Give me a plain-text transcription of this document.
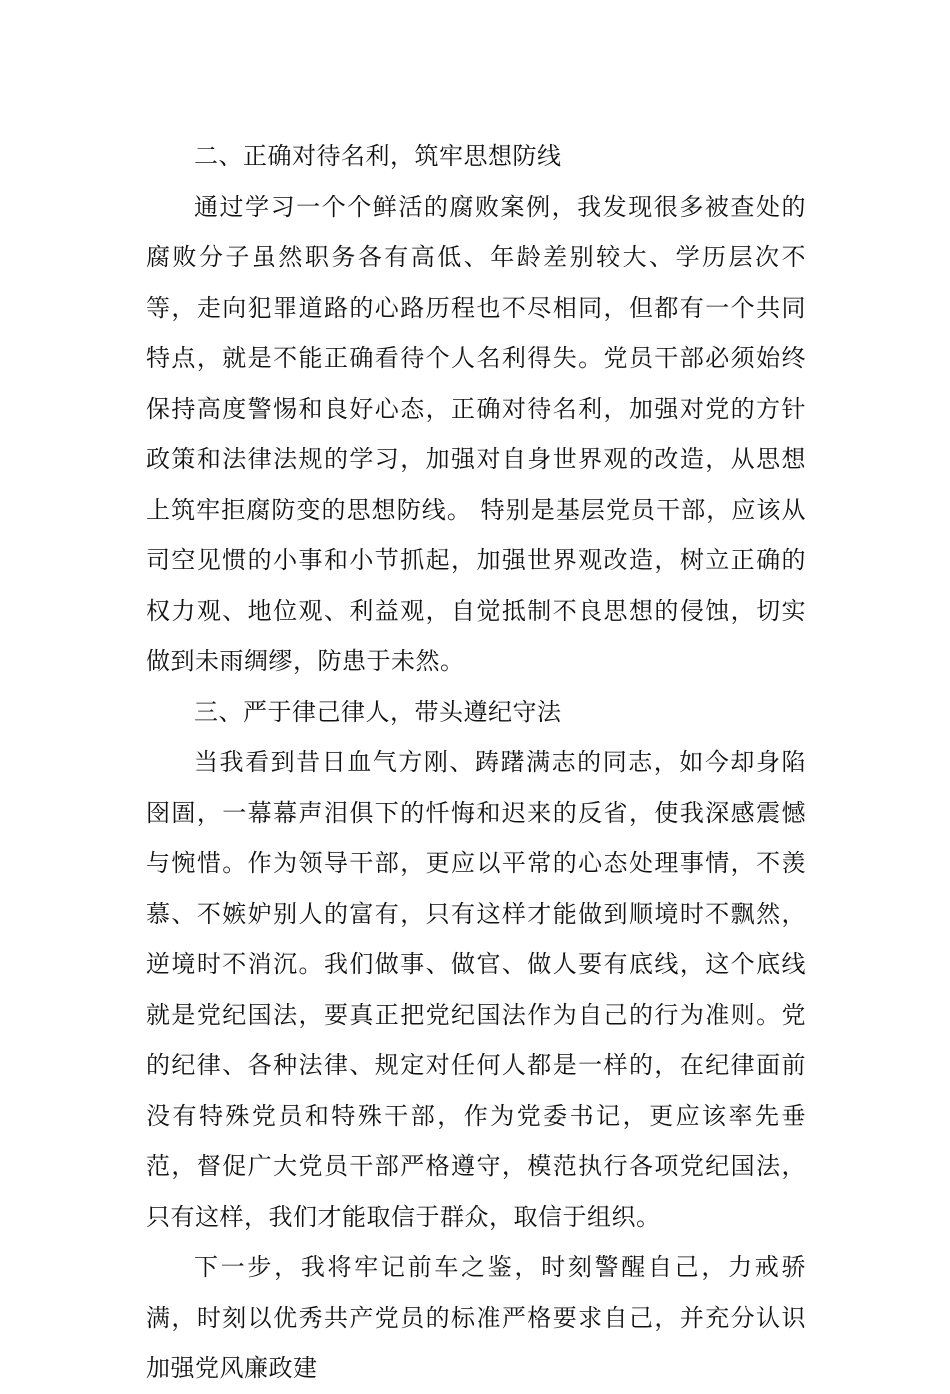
二、正确对待名利，筑牢思想防线

通过学习一个个鲜活的腐败案例，我发现很多被查处的腐败分子虽然职务各有高低、年龄差别较大、学历层次不等，走向犯罪道路的心路历程也不尽相同，但都有一个共同特点，就是不能正确看待个人名利得失。党员干部必须始终保持高度警惕和良好心态，正确对待名利，加强对党的方针政策和法律法规的学习，加强对自身世界观的改造，从思想上筑牢拒腐防变的思想防线。 特别是基层党员干部，应该从司空见惯的小事和小节抓起，加强世界观改造，树立正确的权力观、地位观、利益观，自觉抵制不良思想的侵蚀，切实做到未雨绸缪，防患于未然。

三、严于律己律人，带头遵纪守法

当我看到昔日血气方刚、踌躇满志的同志，如今却身陷囹圄，一幕幕声泪俱下的忏悔和迟来的反省，使我深感震憾与惋惜。作为领导干部，更应以平常的心态处理事情，不羡慕、不嫉妒别人的富有，只有这样才能做到顺境时不飘然，逆境时不消沉。我们做事、做官、做人要有底线，这个底线就是党纪国法，要真正把党纪国法作为自己的行为准则。党的纪律、各种法律、规定对任何人都是一样的，在纪律面前没有特殊党员和特殊干部，作为党委书记，更应该率先垂范，督促广大党员干部严格遵守，模范执行各项党纪国法，只有这样，我们才能取信于群众，取信于组织。

下一步，我将牢记前车之鉴，时刻警醒自己，力戒骄满，时刻以优秀共产党员的标准严格要求自己，并充分认识加强党风廉政建
